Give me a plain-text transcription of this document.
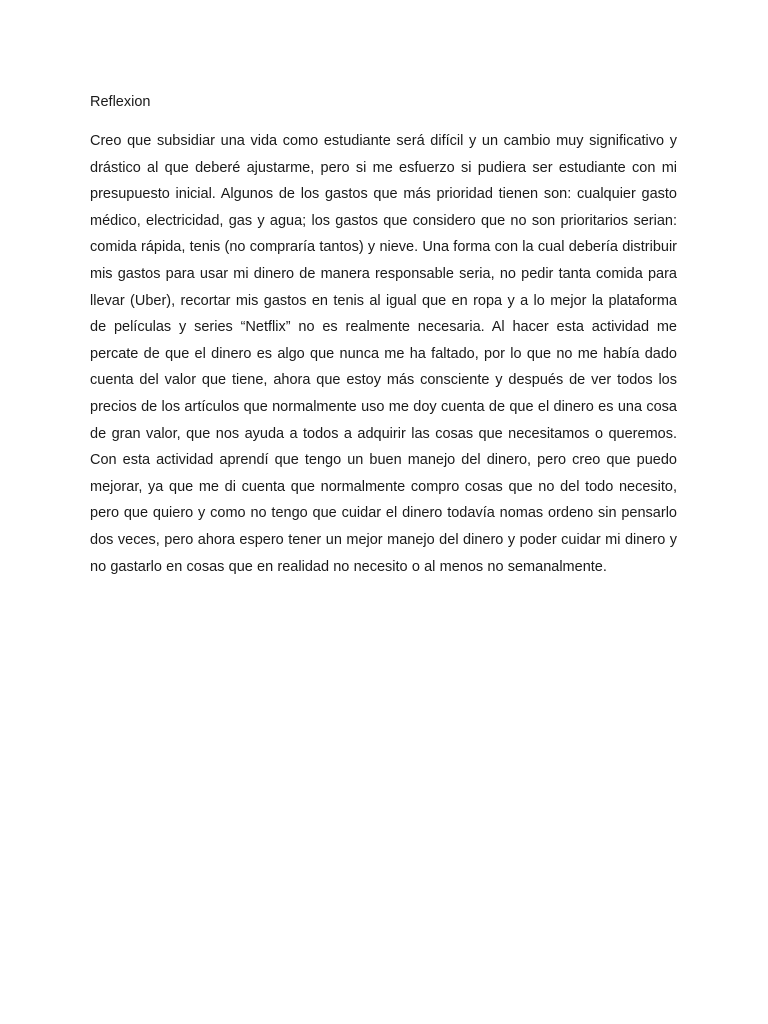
Reflexion

Creo que subsidiar una vida como estudiante será difícil y un cambio muy significativo y drástico al que deberé ajustarme, pero si me esfuerzo si pudiera ser estudiante con mi presupuesto inicial. Algunos de los gastos que más prioridad tienen son: cualquier gasto médico, electricidad, gas y agua; los gastos que considero que no son prioritarios serian: comida rápida, tenis (no compraría tantos) y nieve. Una forma con la cual debería distribuir mis gastos para usar mi dinero de manera responsable seria, no pedir tanta comida para llevar (Uber), recortar mis gastos en tenis al igual que en ropa y a lo mejor la plataforma de películas y series “Netflix” no es realmente necesaria. Al hacer esta actividad me percate de que el dinero es algo que nunca me ha faltado, por lo que no me había dado cuenta del valor que tiene, ahora que estoy más consciente y después de ver todos los precios de los artículos que normalmente uso me doy cuenta de que el dinero es una cosa de gran valor, que nos ayuda a todos a adquirir las cosas que necesitamos o queremos. Con esta actividad aprendí que tengo un buen manejo del dinero, pero creo que puedo mejorar, ya que me di cuenta que normalmente compro cosas que no del todo necesito, pero que quiero y como no tengo que cuidar el dinero todavía nomas ordeno sin pensarlo dos veces, pero ahora espero tener un mejor manejo del dinero y poder cuidar mi dinero y no gastarlo en cosas que en realidad no necesito o al menos no semanalmente.
